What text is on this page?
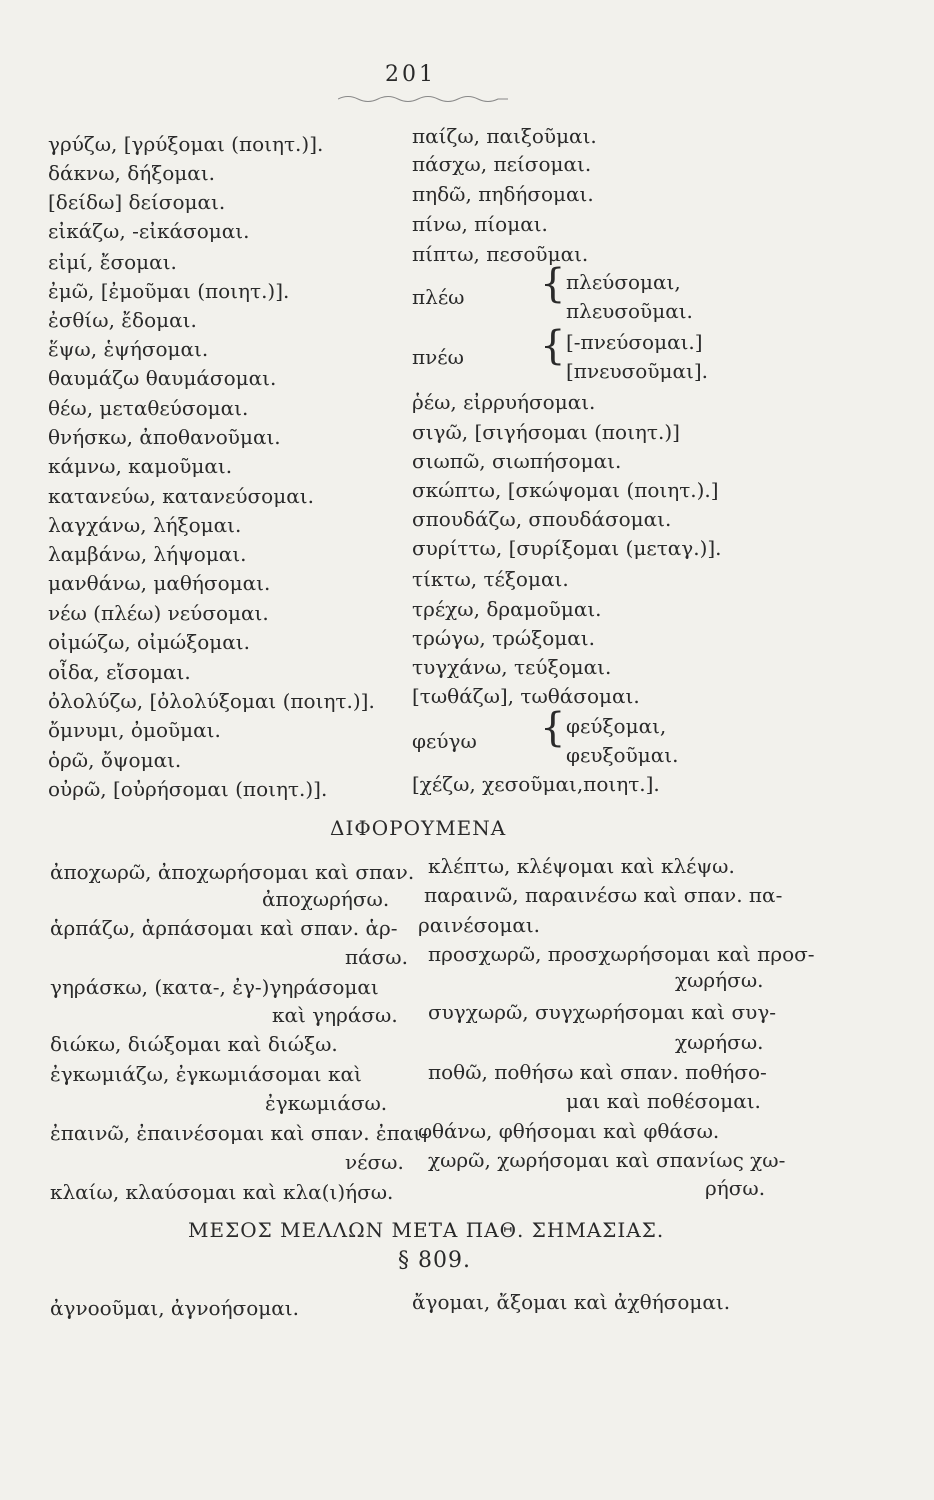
201
γρύζω, [γρύξομαι (ποιητ.)].
δάκνω, δήξομαι.
[δείδω] δείσομαι.
εἰκάζω, -εἰκάσομαι.
εἰμί, ἔσομαι.
ἐμῶ, [ἐμοῦμαι (ποιητ.)].
ἐσθίω, ἔδομαι.
ἕψω, ἑψήσομαι.
θαυμάζω θαυμάσομαι.
θέω, μεταθεύσομαι.
θνήσκω, ἀποθανοῦμαι.
κάμνω, καμοῦμαι.
κατανεύω, κατανεύσομαι.
λαγχάνω, λήξομαι.
λαμβάνω, λήψομαι.
μανθάνω, μαθήσομαι.
νέω (πλέω) νεύσομαι.
οἰμώζω, οἰμώξομαι.
οἶδα, εἴσομαι.
ὀλολύζω, [ὀλολύξομαι (ποιητ.)].
ὄμνυμι, ὀμοῦμαι.
ὁρῶ, ὄψομαι.
οὐρῶ, [οὐρήσομαι (ποιητ.)].
παίζω, παιξοῦμαι.
πάσχω, πείσομαι.
πηδῶ, πηδήσομαι.
πίνω, πίομαι.
πίπτω, πεσοῦμαι.
πλέω { πλεύσομαι,
πλευσοῦμαι.
πνέω { [-πνεύσομαι.]
[πνευσοῦμαι].
ῥέω, εἰρρυήσομαι.
σιγῶ, [σιγήσομαι (ποιητ.)]
σιωπῶ, σιωπήσομαι.
σκώπτω, [σκώψομαι (ποιητ.).]
σπουδάζω, σπουδάσομαι.
συρίττω, [συρίξομαι (μεταγ.)].
τίκτω, τέξομαι.
τρέχω, δραμοῦμαι.
τρώγω, τρώξομαι.
τυγχάνω, τεύξομαι.
[τωθάζω], τωθάσομαι.
φεύγω { φεύξομαι,
φευξοῦμαι.
[χέζω, χεσοῦμαι,ποιητ.].
ΔΙΦΟΡΟΥΜΕΝΑ
ἀποχωρῶ, ἀποχωρήσομαι καὶ σπαν.
ἀποχωρήσω.
ἁρπάζω, ἁρπάσομαι καὶ σπαν. ἁρ-
πάσω.
γηράσκω, (κατα-, ἐγ-)γηράσομαι
καὶ γηράσω.
διώκω, διώξομαι καὶ διώξω.
ἐγκωμιάζω, ἐγκωμιάσομαι καὶ
ἐγκωμιάσω.
ἐπαινῶ, ἐπαινέσομαι καὶ σπαν. ἐπαι-
νέσω.
κλαίω, κλαύσομαι καὶ κλα(ι)ήσω.
κλέπτω, κλέψομαι καὶ κλέψω.
παραινῶ, παραινέσω καὶ σπαν. πα-
ραινέσομαι.
προσχωρῶ, προσχωρήσομαι καὶ προσ-
χωρήσω.
συγχωρῶ, συγχωρήσομαι καὶ συγ-
χωρήσω.
ποθῶ, ποθήσω καὶ σπαν. ποθήσο-
μαι καὶ ποθέσομαι.
φθάνω, φθήσομαι καὶ φθάσω.
χωρῶ, χωρήσομαι καὶ σπανίως χω-
ρήσω.
ΜΕΣΟΣ ΜΕΛΛΩΝ ΜΕΤΑ ΠΑΘ. ΣΗΜΑΣΙΑΣ.
§ 809.
ἀγνοοῦμαι, ἀγνοήσομαι.	ἄγομαι, ἄξομαι καὶ ἀχθήσομαι.
